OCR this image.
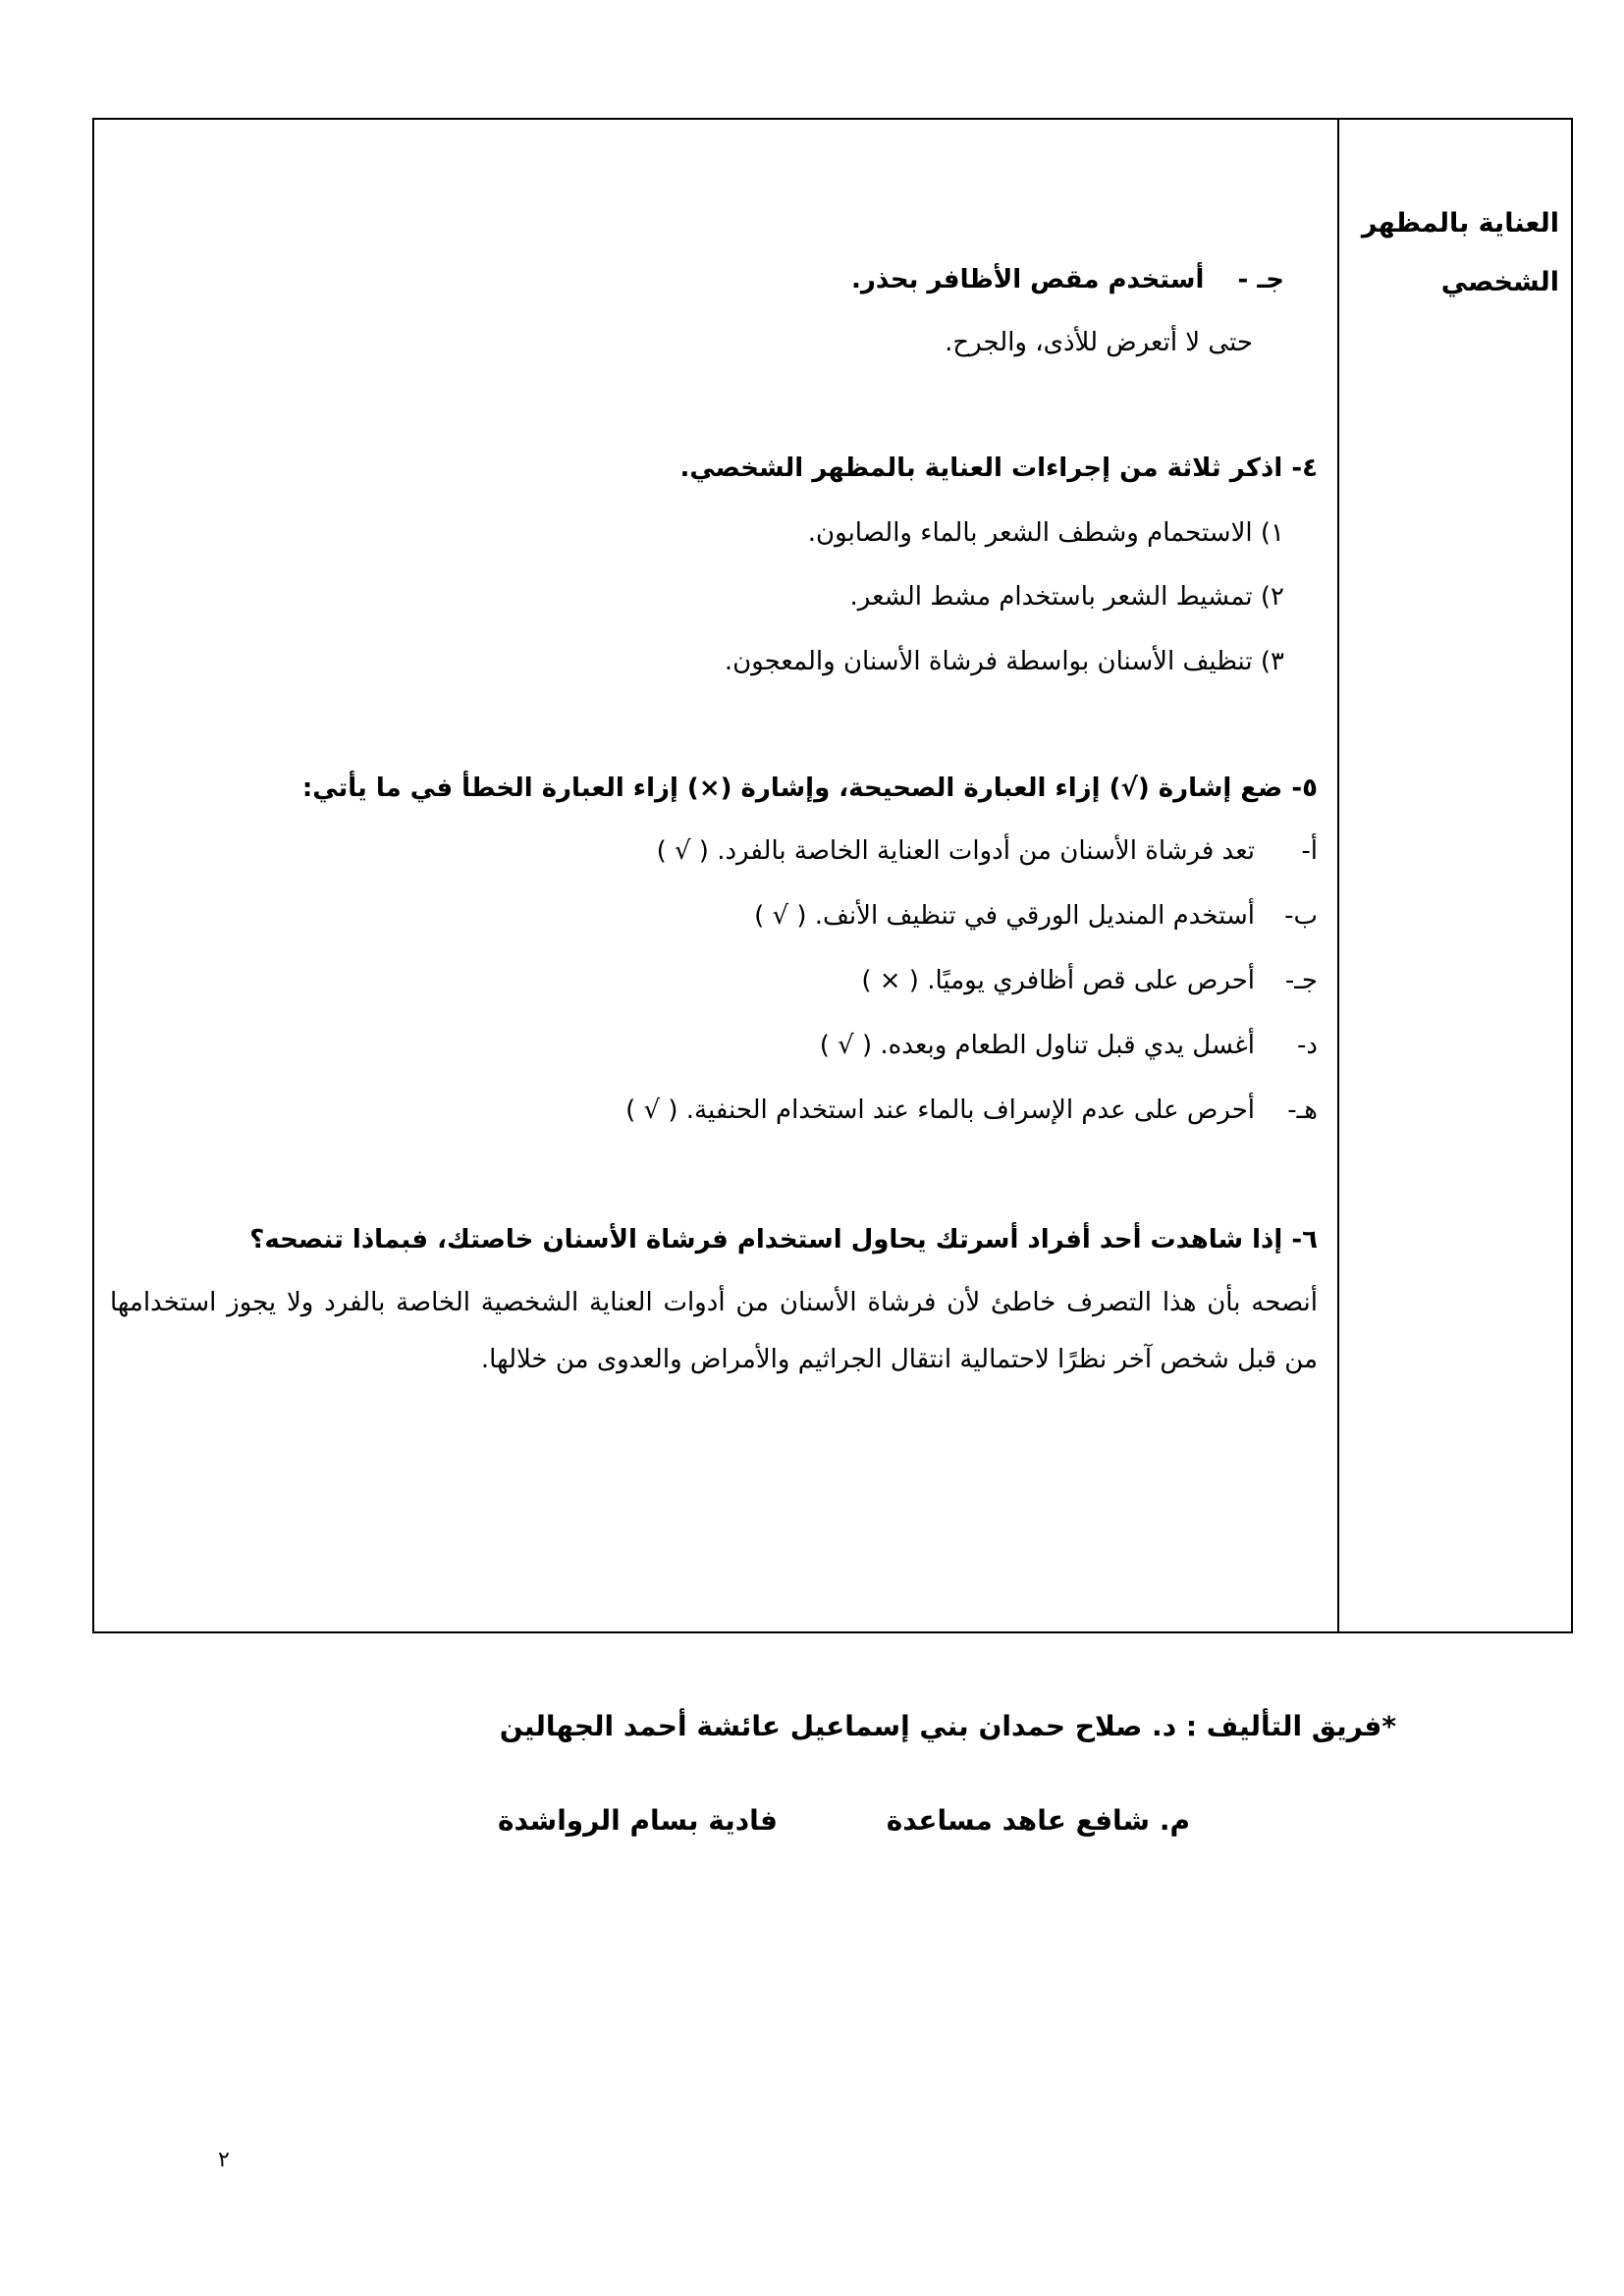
العناية بالمظهر
الشخصي
جـ -  أستخدم مقص الأظافر بحذر.
حتى لا أتعرض للأذى، والجرح.
٤- اذكر ثلاثة من إجراءات العناية بالمظهر الشخصي.
١) الاستحمام وشطف الشعر بالماء والصابون.
٢) تمشيط الشعر باستخدام مشط الشعر.
٣) تنظيف الأسنان بواسطة فرشاة الأسنان والمعجون.
٥- ضع إشارة (√) إزاء العبارة الصحيحة، وإشارة (×) إزاء العبارة الخطأ في ما يأتي:
أ-تعد فرشاة الأسنان من أدوات العناية الخاصة بالفرد. ( √ )
ب-أستخدم المنديل الورقي في تنظيف الأنف. ( √ )
جـ-أحرص على قص أظافري يوميًا. ( × )
د-أغسل يدي قبل تناول الطعام وبعده. ( √ )
هـ-أحرص على عدم الإسراف بالماء عند استخدام الحنفية. ( √ )
٦- إذا شاهدت أحد أفراد أسرتك يحاول استخدام فرشاة الأسنان خاصتك، فبماذا تنصحه؟
أنصحه بأن هذا التصرف خاطئ لأن فرشاة الأسنان من أدوات العناية الشخصية الخاصة بالفرد ولا يجوز استخدامها من قبل شخص آخر نظرًا لاحتمالية انتقال الجراثيم والأمراض والعدوى من خلالها.
*فريق التأليف : د. صلاح حمدان بني إسماعيل عائشة أحمد الجهالين
م. شافع عاهد مساعدة
فادية بسام الرواشدة
٢
